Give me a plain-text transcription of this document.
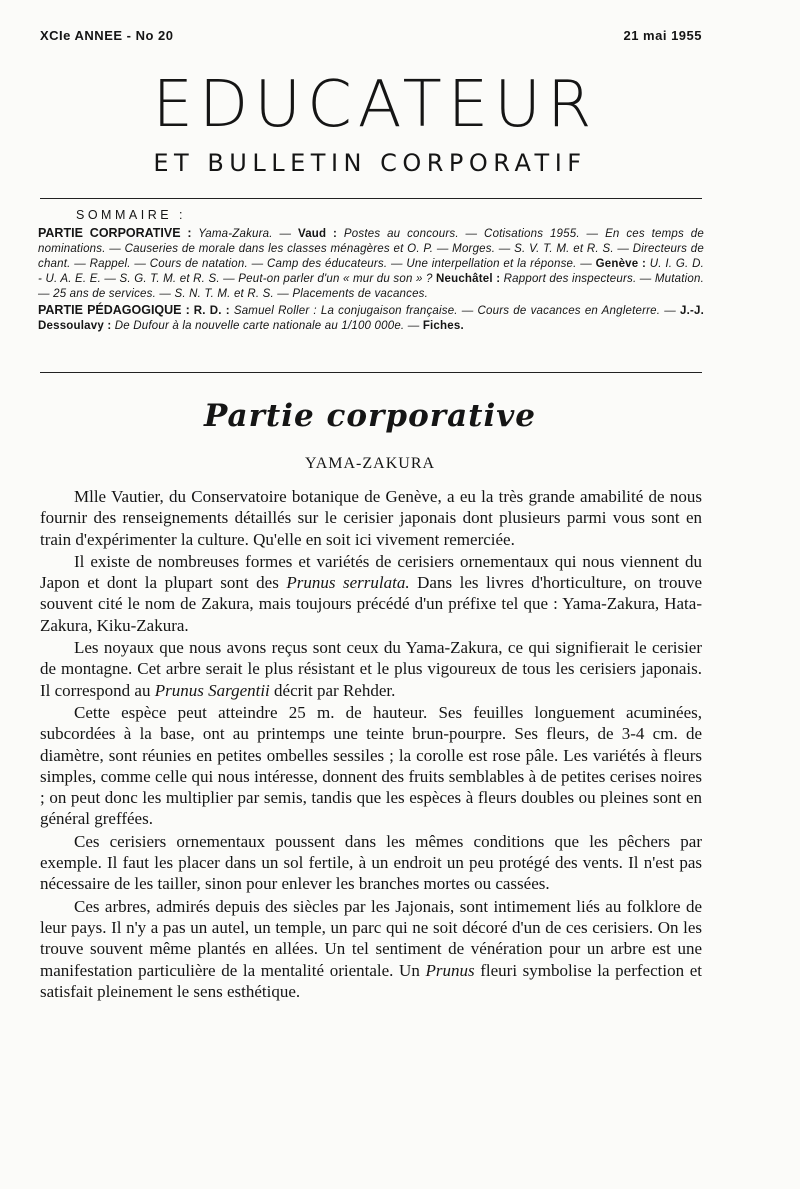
XCIe ANNEE - No 20	21 mai 1955
EDUCATEUR
ET BULLETIN CORPORATIF
SOMMAIRE :
PARTIE CORPORATIVE : Yama-Zakura. — Vaud : Postes au concours. — Cotisations 1955. — En ces temps de nominations. — Causeries de morale dans les classes ménagères et O. P. — Morges. — S. V. T. M. et R. S. — Directeurs de chant. — Rappel. — Cours de natation. — Camp des éducateurs. — Une interpellation et la réponse. — Genève : U. I. G. D. - U. A. E. E. — S. G. T. M. et R. S. — Peut-on parler d'un « mur du son » ? Neuchâtel : Rapport des inspecteurs. — Mutation. — 25 ans de services. — S. N. T. M. et R. S. — Placements de vacances.
PARTIE PÉDAGOGIQUE : R. D. : Samuel Roller : La conjugaison française. — Cours de vacances en Angleterre. — J.-J. Dessoulavy : De Dufour à la nouvelle carte nationale au 1/100 000e. — Fiches.
Partie corporative
YAMA-ZAKURA

Mlle Vautier, du Conservatoire botanique de Genève, a eu la très grande amabilité de nous fournir des renseignements détaillés sur le cerisier japonais dont plusieurs parmi vous sont en train d'expérimenter la culture. Qu'elle en soit ici vivement remerciée.

Il existe de nombreuses formes et variétés de cerisiers ornementaux qui nous viennent du Japon et dont la plupart sont des Prunus serrulata. Dans les livres d'horticulture, on trouve souvent cité le nom de Zakura, mais toujours précédé d'un préfixe tel que : Yama-Zakura, Hata-Zakura, Kiku-Zakura.

Les noyaux que nous avons reçus sont ceux du Yama-Zakura, ce qui signifierait le cerisier de montagne. Cet arbre serait le plus résistant et le plus vigoureux de tous les cerisiers japonais. Il correspond au Prunus Sargentii décrit par Rehder.

Cette espèce peut atteindre 25 m. de hauteur. Ses feuilles longuement acuminées, subcordées à la base, ont au printemps une teinte brun-pourpre. Ses fleurs, de 3-4 cm. de diamètre, sont réunies en petites ombelles sessiles ; la corolle est rose pâle. Les variétés à fleurs simples, comme celle qui nous intéresse, donnent des fruits semblables à de petites cerises noires ; on peut donc les multiplier par semis, tandis que les espèces à fleurs doubles ou pleines sont en général greffées.

Ces cerisiers ornementaux poussent dans les mêmes conditions que les pêchers par exemple. Il faut les placer dans un sol fertile, à un endroit un peu protégé des vents. Il n'est pas nécessaire de les tailler, sinon pour enlever les branches mortes ou cassées.

Ces arbres, admirés depuis des siècles par les Jajonais, sont intimement liés au folklore de leur pays. Il n'y a pas un autel, un temple, un parc qui ne soit décoré d'un de ces cerisiers. On les trouve souvent même plantés en allées. Un tel sentiment de vénération pour un arbre est une manifestation particulière de la mentalité orientale. Un Prunus fleuri symbolise la perfection et satisfait pleinement le sens esthétique.
